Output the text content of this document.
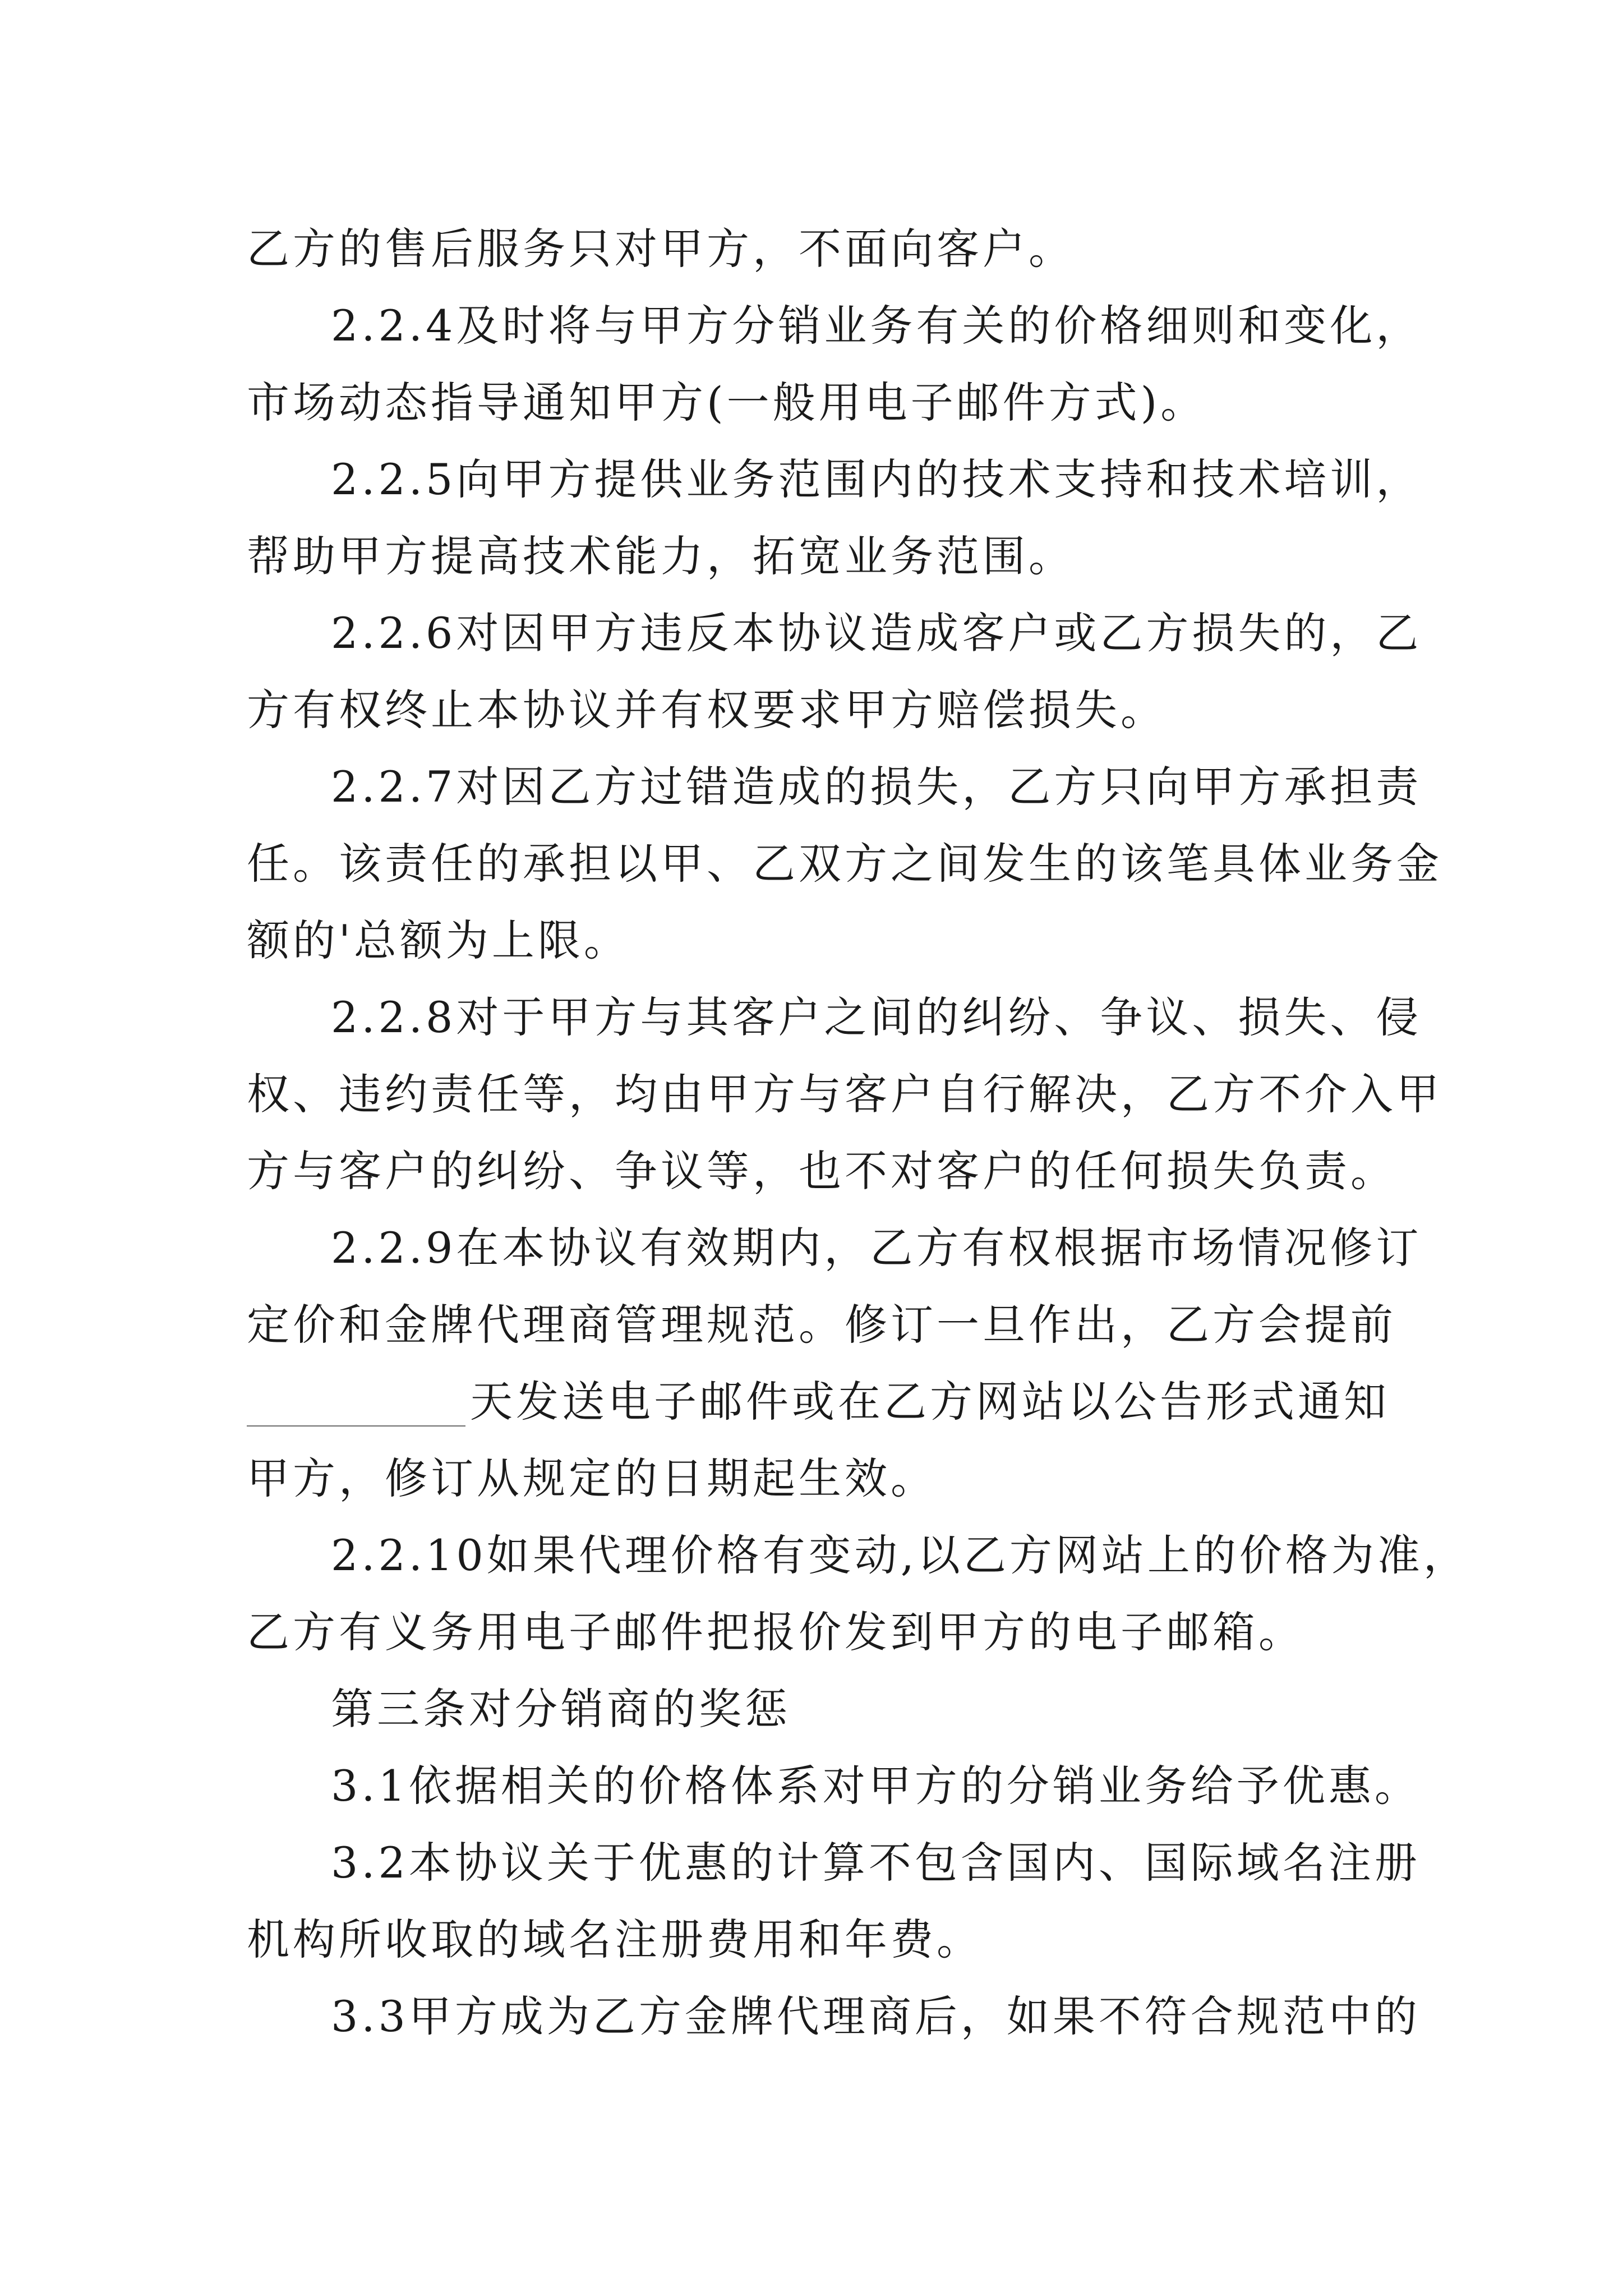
乙方的售后服务只对甲方，不面向客户。
2.2.4及时将与甲方分销业务有关的价格细则和变化，
市场动态指导通知甲方(一般用电子邮件方式)。
2.2.5向甲方提供业务范围内的技术支持和技术培训，
帮助甲方提高技术能力，拓宽业务范围。
2.2.6对因甲方违反本协议造成客户或乙方损失的，乙
方有权终止本协议并有权要求甲方赔偿损失。
2.2.7对因乙方过错造成的损失，乙方只向甲方承担责
任。该责任的承担以甲、乙双方之间发生的该笔具体业务金
额的'总额为上限。
2.2.8对于甲方与其客户之间的纠纷、争议、损失、侵
权、违约责任等，均由甲方与客户自行解决，乙方不介入甲
方与客户的纠纷、争议等，也不对客户的任何损失负责。
2.2.9在本协议有效期内，乙方有权根据市场情况修订
定价和金牌代理商管理规范。修订一旦作出，乙方会提前
天发送电子邮件或在乙方网站以公告形式通知
甲方，修订从规定的日期起生效。
2.2.10如果代理价格有变动,以乙方网站上的价格为准，
乙方有义务用电子邮件把报价发到甲方的电子邮箱。
第三条对分销商的奖惩
3.1依据相关的价格体系对甲方的分销业务给予优惠。
3.2本协议关于优惠的计算不包含国内、国际域名注册
机构所收取的域名注册费用和年费。
3.3甲方成为乙方金牌代理商后，如果不符合规范中的
